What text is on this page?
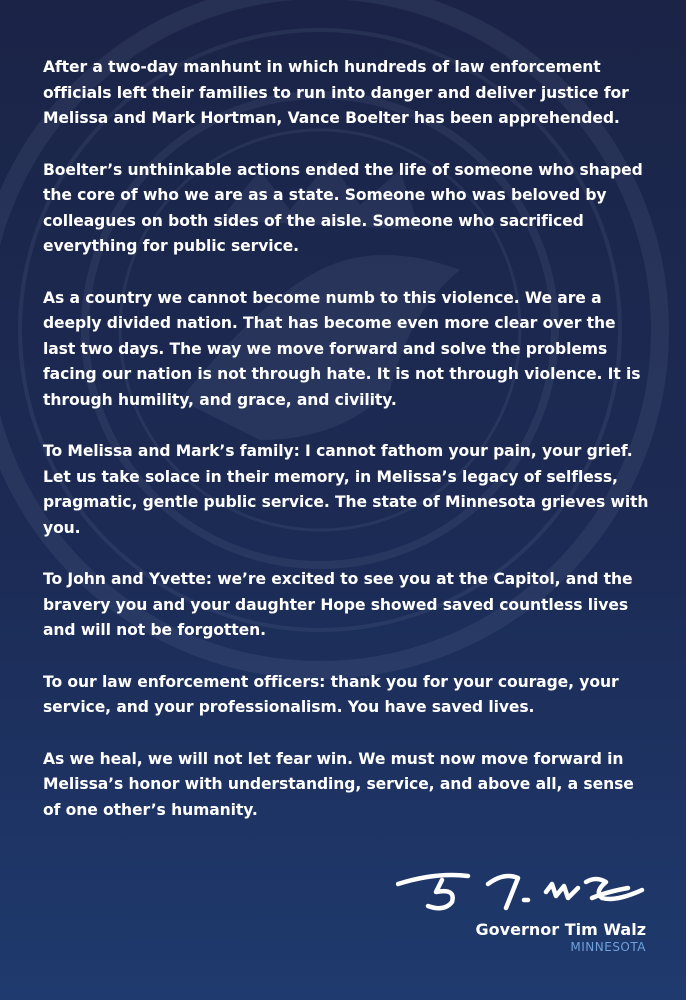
After a two-day manhunt in which hundreds of law enforcement officials left their families to run into danger and deliver justice for Melissa and Mark Hortman, Vance Boelter has been apprehended.

Boelter’s unthinkable actions ended the life of someone who shaped the core of who we are as a state. Someone who was beloved by colleagues on both sides of the aisle. Someone who sacrificed everything for public service.

As a country we cannot become numb to this violence. We are a deeply divided nation. That has become even more clear over the last two days. The way we move forward and solve the problems facing our nation is not through hate. It is not through violence. It is through humility, and grace, and civility.

To Melissa and Mark’s family: I cannot fathom your pain, your grief. Let us take solace in their memory, in Melissa’s legacy of selfless, pragmatic, gentle public service. The state of Minnesota grieves with you.

To John and Yvette: we’re excited to see you at the Capitol, and the bravery you and your daughter Hope showed saved countless lives and will not be forgotten.

To our law enforcement officers: thank you for your courage, your service, and your professionalism. You have saved lives.

As we heal, we will not let fear win. We must now move forward in Melissa’s honor with understanding, service, and above all, a sense of one other’s humanity.

Governor Tim Walz
MINNESOTA
